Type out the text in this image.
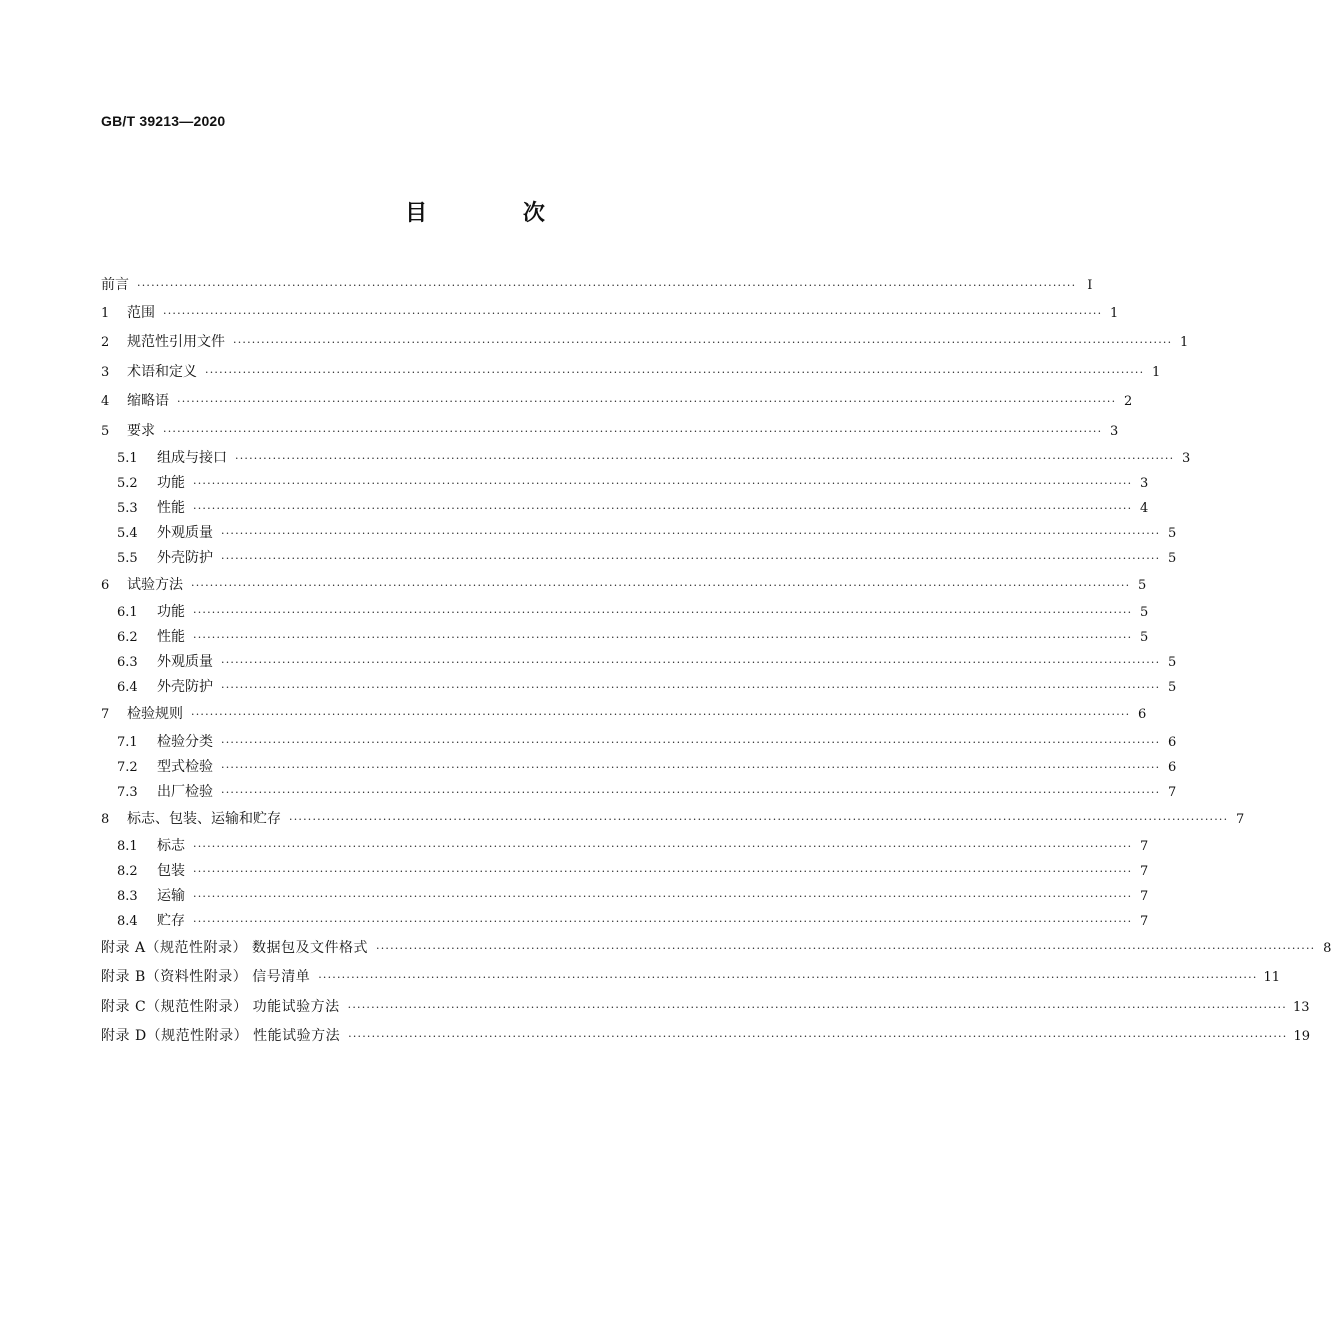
GB/T 39213—2020
目 次
前言 ········································································································································································································ Ⅰ
1	范围 ········································································································································································································ 1
2	规范性引用文件 ········································································································································································································ 1
3	术语和定义 ········································································································································································································ 1
4	缩略语 ········································································································································································································ 2
5	要求 ········································································································································································································ 3
5.1	组成与接口 ········································································································································································································ 3
5.2	功能 ········································································································································································································ 3
5.3	性能 ········································································································································································································ 4
5.4	外观质量 ········································································································································································································ 5
5.5	外壳防护 ········································································································································································································ 5
6	试验方法 ········································································································································································································ 5
6.1	功能 ········································································································································································································ 5
6.2	性能 ········································································································································································································ 5
6.3	外观质量 ········································································································································································································ 5
6.4	外壳防护 ········································································································································································································ 5
7	检验规则 ········································································································································································································ 6
7.1	检验分类 ········································································································································································································ 6
7.2	型式检验 ········································································································································································································ 6
7.3	出厂检验 ········································································································································································································ 7
8	标志、包装、运输和贮存 ········································································································································································································ 7
8.1	标志 ········································································································································································································ 7
8.2	包装 ········································································································································································································ 7
8.3	运输 ········································································································································································································ 7
8.4	贮存 ········································································································································································································ 7
附录 A（规范性附录） 数据包及文件格式 ········································································································································································································ 8
附录 B（资料性附录） 信号清单 ········································································································································································································ 11
附录 C（规范性附录） 功能试验方法 ········································································································································································································ 13
附录 D（规范性附录） 性能试验方法 ········································································································································································································ 19
